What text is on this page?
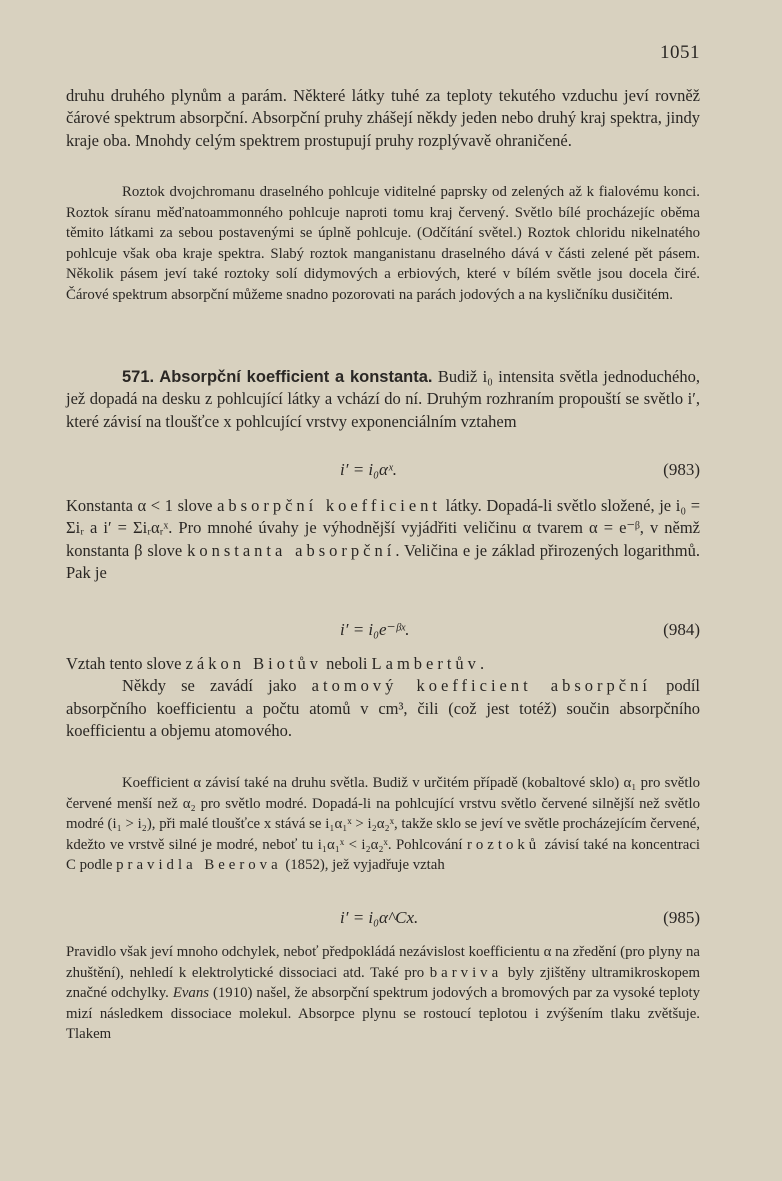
1051

druhu druhého plynům a parám. Některé látky tuhé za teploty tekutého vzduchu jeví rovněž čárové spektrum absorpční. Absorpční pruhy zhášejí někdy jeden nebo druhý kraj spektra, jindy kraje oba. Mnohdy celým spektrem prostupují pruhy rozplývavě ohraničené.

Roztok dvojchromanu draselného pohlcuje viditelné paprsky od zelených až k fialovému konci. Roztok síranu měďnatoammonného pohlcuje naproti tomu kraj červený. Světlo bílé procházejíc oběma těmito látkami za sebou postavenými se úplně pohlcuje. (Odčítání světel.) Roztok chloridu nikelnatého pohlcuje však oba kraje spektra. Slabý roztok manganistanu draselného dává v části zelené pět pásem. Několik pásem jeví také roztoky solí didymových a erbiových, které v bílém světle jsou docela čiré. Čárové spektrum absorpční můžeme snadno pozorovati na parách jodových a na kysličníku dusičitém.

571. Absorpční koefficient a konstanta. Budiž i₀ intensita světla jednoduchého, jež dopadá na desku z pohlcující látky a vchází do ní. Druhým rozhraním propouští se světlo i′, které závisí na tloušťce x pohlcující vrstvy exponenciálním vztahem

i′ = i₀αˣ.	(983)

Konstanta α < 1 slove absorpční koefficient látky. Dopadá-li světlo složené, je i₀ = Σiᵣ a i′ = Σiᵣαᵣˣ. Pro mnohé úvahy je výhodnější vyjádřiti veličinu α tvarem α = e⁻ᵝ, v němž konstanta β slove konstanta absorpční. Veličina e je základ přirozených logarithmů. Pak je

i′ = i₀e⁻ᵝˣ.	(984)

Vztah tento slove zákon Biotův neboli Lambertův.

Někdy se zavádí jako atomový koefficient absorpční podíl absorpčního koefficientu a počtu atomů v cm³, čili (což jest totéž) součin absorpčního koefficientu a objemu atomového.

Koefficient α závisí také na druhu světla. Budiž v určitém případě (kobaltové sklo) α₁ pro světlo červené menší než α₂ pro světlo modré. Dopadá-li na pohlcující vrstvu světlo červené silnější než světlo modré (i₁ > i₂), při malé tloušťce x stává se i₁α₁ˣ > i₂α₂ˣ, takže sklo se jeví ve světle procházejícím červené, kdežto ve vrstvě silné je modré, neboť tu i₁α₁ˣ < i₂α₂ˣ. Pohlcování roztoků závisí také na koncentraci C podle pravidla Beerova (1852), jež vyjadřuje vztah

i′ = i₀α^Cx.	(985)

Pravidlo však jeví mnoho odchylek, neboť předpokládá nezávislost koefficientu α na zředění (pro plyny na zhuštění), nehledí k elektrolytické dissociaci atd. Také pro barviva byly zjištěny ultramikroskopem značné odchylky. Evans (1910) našel, že absorpční spektrum jodových a bromových par za vysoké teploty mizí následkem dissociace molekul. Absorpce plynu se rostoucí teplotou i zvýšením tlaku zvětšuje. Tlakem
